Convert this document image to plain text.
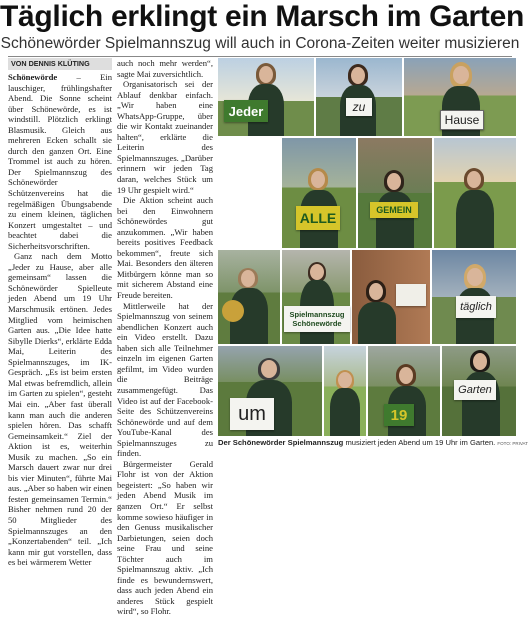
Täglich erklingt ein Marsch im Garten
Schönewörder Spielmannszug will auch in Corona-Zeiten weiter musizieren
VON DENNIS KLÜTING

Schönewörde – Ein lauschiger, frühlingshafter Abend. Die Sonne scheint über Schönewörde, es ist windstill. Plötzlich erklingt Blasmusik. Gleich aus mehreren Ecken schallt sie durch den ganzen Ort. Eine Trommel ist auch zu hören. Der Spielmannszug des Schönewörder Schützenvereins hat die regelmäßigen Übungsabende zu einem kleinen, täglichen Konzert umgestaltet – und beachtet dabei die Sicherheitsvorschriften.

Ganz nach dem Motto „Jeder zu Hause, aber alle gemeinsam“ lassen die Schönewörder Spielleute jeden Abend um 19 Uhr Marschmusik ertönen. Jedes Mitglied vom heimischen Garten aus. „Die Idee hatte Sibylle Dierks“, erklärte Edda Mai, Leiterin des Spielmannszuges, im IK-Gespräch. „Es ist beim ersten Mal etwas befremdlich, allein im Garten zu spielen“, gesteht Mai ein. „Aber fast überall kann man auch die anderen spielen hören. Das schafft Gemeinsamkeit.“ Ziel der Aktion ist es, weiterhin Musik zu machen. „So ein Marsch dauert zwar nur drei bis vier Minuten“, führte Mai aus. „Aber so haben wir einen festen gemeinsamen Termin.“ Bisher nehmen rund 20 der 50 Mitglieder des Spielmannszuges an den „Konzertabenden“ teil. „Ich kann mir gut vorstellen, dass es bei wärmerem Wetter

auch noch mehr werden“, sagte Mai zuversichtlich.

Organisatorisch sei der Ablauf denkbar einfach. „Wir haben eine WhatsApp-Gruppe, über die wir Kontakt zueinander halten“, erklärte die Leiterin des Spielmannszuges. „Darüber erinnern wir jeden Tag daran, welches Stück um 19 Uhr gespielt wird.“

Die Aktion scheint auch bei den Einwohnern Schönewördes gut anzukommen. „Wir haben bereits positives Feedback bekommen“, freute sich Mai. Besonders den älteren Mitbürgern könne man so mit sicherem Abstand eine Freude bereiten.

Mittlerweile hat der Spielmannszug von seinem abendlichen Konzert auch ein Video erstellt. Dazu haben sich alle Teilnehmer einzeln im eigenen Garten gefilmt, im Video wurden die Beiträge zusammengefügt. Das Video ist auf der Facebook-Seite des Schützenvereins Schönewörde und auf dem YouTube-Kanal des Spielmannszuges zu finden.

Bürgermeister Gerald Flohr ist von der Aktion begeistert: „So haben wir jeden Abend Musik im ganzen Ort.“ Er selbst komme sowieso häufiger in den Genuss musikalischer Darbietungen, seien doch seine Frau und seine Töchter auch im Spielmannszug aktiv. „Ich finde es bewundernswert, dass auch jeden Abend ein anderes Stück gespielt wird“, so Flohr.

Jeder	zu
Hause
ALLE	GEMEIN
Spielmannszug Schönewörde
täglich
um	19
Garten
Der Schönewörder Spielmannszug musiziert jeden Abend um 19 Uhr im Garten. FOTO: PRIVAT
